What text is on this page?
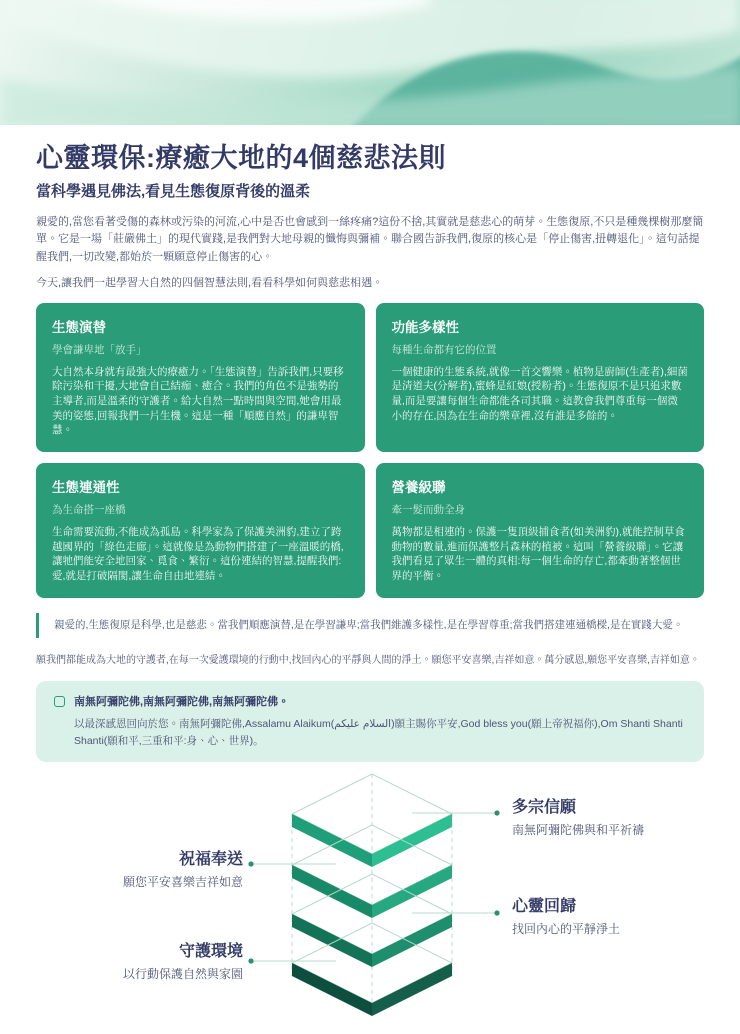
心靈環保:療癒大地的4個慈悲法則
當科學遇見佛法,看見生態復原背後的溫柔

親愛的,當您看著受傷的森林或污染的河流,心中是否也會感到一絲疼痛?這份不捨,其實就是慈悲心的萌芽。生態復原,不只是種幾棵樹那麼簡單。它是一場「莊嚴佛土」的現代實踐,是我們對大地母親的懺悔與彌補。聯合國告訴我們,復原的核心是「停止傷害,扭轉退化」。這句話提醒我們,一切改變,都始於一顆願意停止傷害的心。

今天,讓我們一起學習大自然的四個智慧法則,看看科學如何與慈悲相遇。

生態演替
學會謙卑地「放手」

大自然本身就有最強大的療癒力。「生態演替」告訴我們,只要移除污染和干擾,大地會自己結痂、癒合。我們的角色不是強勢的主導者,而是溫柔的守護者。給大自然一點時間與空間,她會用最美的姿態,回報我們一片生機。這是一種「順應自然」的謙卑智慧。

功能多樣性
每種生命都有它的位置

一個健康的生態系統,就像一首交響樂。植物是廚師(生產者),細菌是清道夫(分解者),蜜蜂是紅娘(授粉者)。生態復原不是只追求數量,而是要讓每個生命都能各司其職。這教會我們尊重每一個微小的存在,因為在生命的樂章裡,沒有誰是多餘的。

生態連通性
為生命搭一座橋

生命需要流動,不能成為孤島。科學家為了保護美洲豹,建立了跨越國界的「綠色走廊」。這就像是為動物們搭建了一座溫暖的橋,讓牠們能安全地回家、覓食、繁衍。這份連結的智慧,提醒我們:愛,就是打破隔閡,讓生命自由地連結。

營養級聯
牽一髮而動全身

萬物都是相連的。保護一隻頂級捕食者(如美洲豹),就能控制草食動物的數量,進而保護整片森林的植被。這叫「營養級聯」。它讓我們看見了眾生一體的真相:每一個生命的存亡,都牽動著整個世界的平衡。

親愛的,生態復原是科學,也是慈悲。當我們順應演替,是在學習謙卑;當我們維護多樣性,是在學習尊重;當我們搭建連通橋樑,是在實踐大愛。

願我們都能成為大地的守護者,在每一次愛護環境的行動中,找回內心的平靜與人間的淨土。願您平安喜樂,吉祥如意。萬分感恩,願您平安喜樂,吉祥如意。

南無阿彌陀佛,南無阿彌陀佛,南無阿彌陀佛。

以最深感恩回向於您。南無阿彌陀佛,Assalamu Alaikum(السلام عليكم)願主賜你平安,God bless you(願上帝祝福你),Om Shanti Shanti Shanti(願和平,三重和平:身、心、世界)。

多宗信願
南無阿彌陀佛與和平祈禱
祝福奉送
願您平安喜樂吉祥如意
心靈回歸
找回內心的平靜淨土
守護環境
以行動保護自然與家園
